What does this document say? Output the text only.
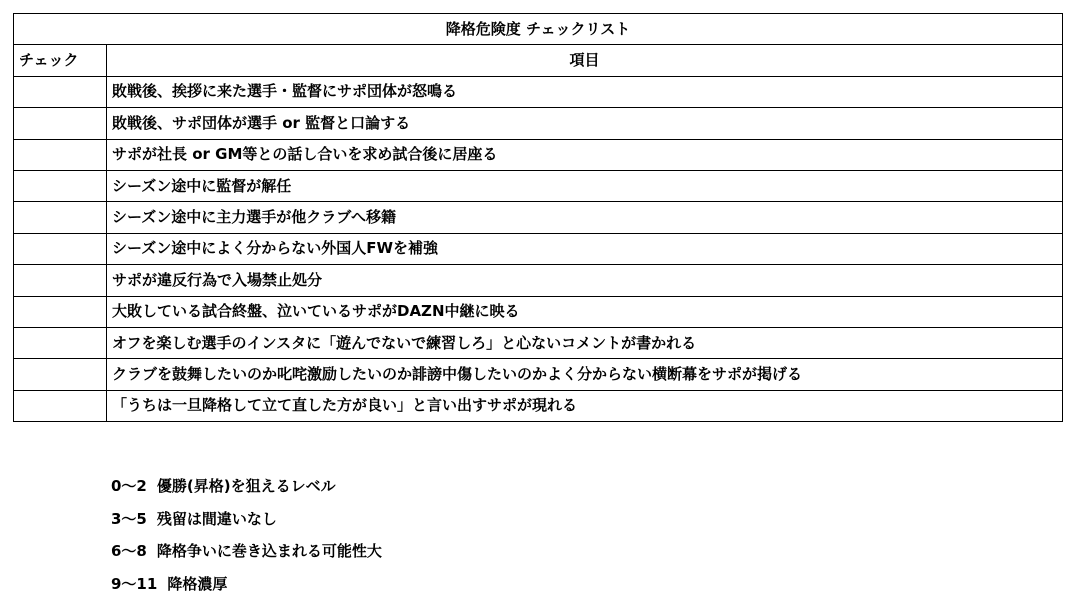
降格危険度 チェックリスト	
チェック	項目
	敗戦後、挨拶に来た選手・監督にサポ団体が怒鳴る
	敗戦後、サポ団体が選手 or 監督と口論する
	サポが社長 or GM等との話し合いを求め試合後に居座る
	シーズン途中に監督が解任
	シーズン途中に主力選手が他クラブへ移籍
	シーズン途中によく分からない外国人FWを補強
	サポが違反行為で入場禁止処分
	大敗している試合終盤、泣いているサポがDAZN中継に映る
	オフを楽しむ選手のインスタに「遊んでないで練習しろ」と心ないコメントが書かれる
	クラブを鼓舞したいのか叱咤激励したいのか誹謗中傷したいのかよく分からない横断幕をサポが掲げる
	「うちは一旦降格して立て直した方が良い」と言い出すサポが現れる
0～2 優勝(昇格)を狙えるレベル
3～5 残留は間違いなし
6～8 降格争いに巻き込まれる可能性大
9～11 降格濃厚
